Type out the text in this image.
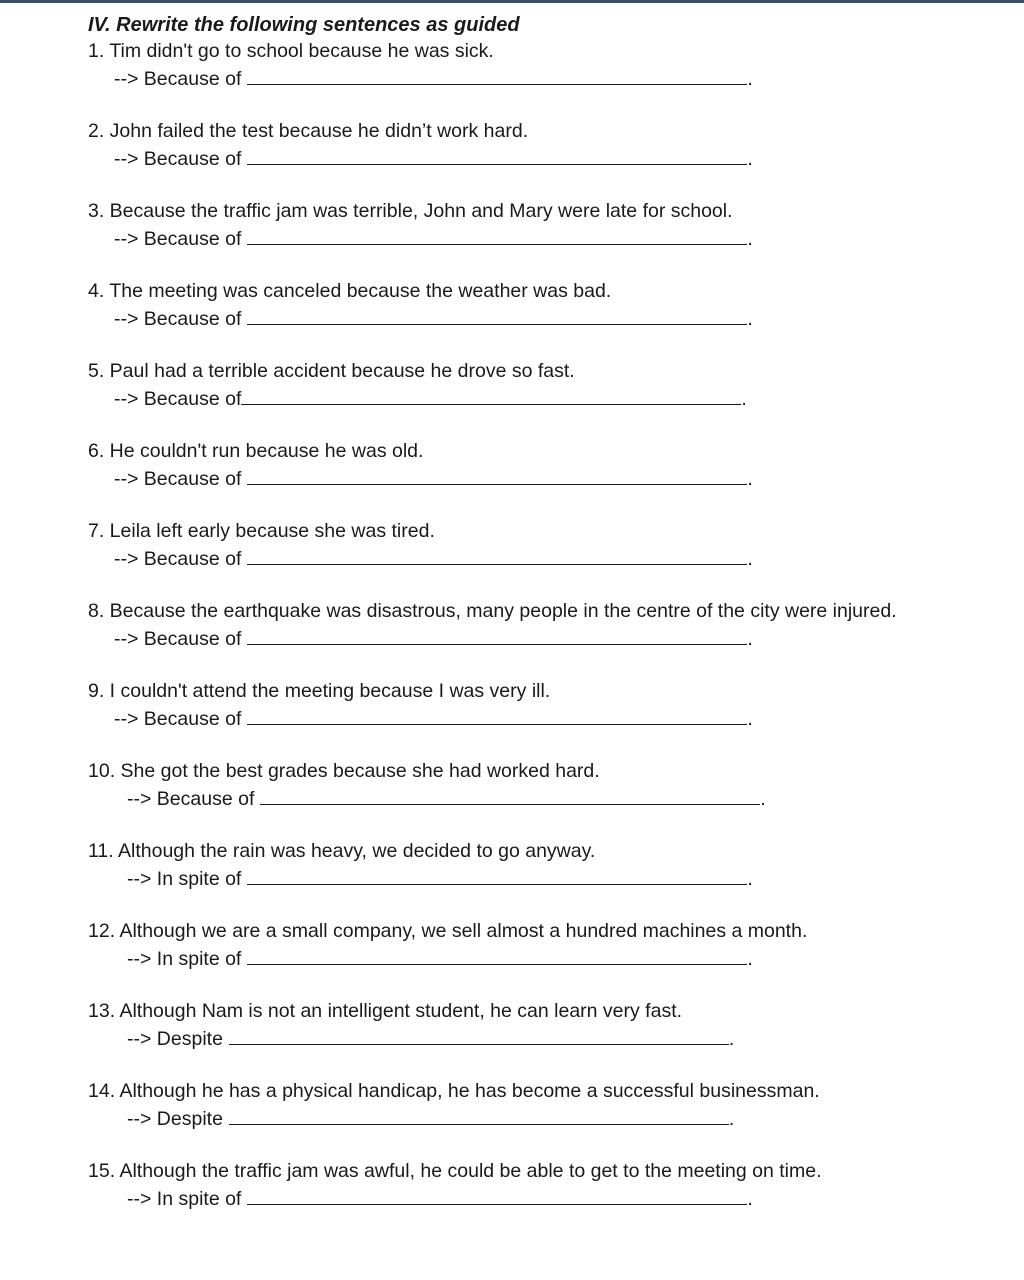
IV. Rewrite the following sentences as guided

1. Tim didn't go to school because he was sick.

--> Because of	.

2. John failed the test because he didn’t work hard.

--> Because of	.

3. Because the traffic jam was terrible, John and Mary were late for school.

--> Because of	.

4. The meeting was canceled because the weather was bad.

--> Because of	.

5. Paul had a terrible accident because he drove so fast.

--> Because of	.

6. He couldn't run because he was old.

--> Because of	.

7. Leila left early because she was tired.

--> Because of	.

8. Because the earthquake was disastrous, many people in the centre of the city were injured.

--> Because of	.

9. I couldn't attend the meeting because I was very ill.

--> Because of	.

10. She got the best grades because she had worked hard.

--> Because of	.

11. Although the rain was heavy, we decided to go anyway.

--> In spite of	.

12. Although we are a small company, we sell almost a hundred machines a month.

--> In spite of	.

13. Although Nam is not an intelligent student, he can learn very fast.

--> Despite	.

14. Although he has a physical handicap, he has become a successful businessman.

--> Despite	.

15. Although the traffic jam was awful, he could be able to get to the meeting on time.

--> In spite of	.
